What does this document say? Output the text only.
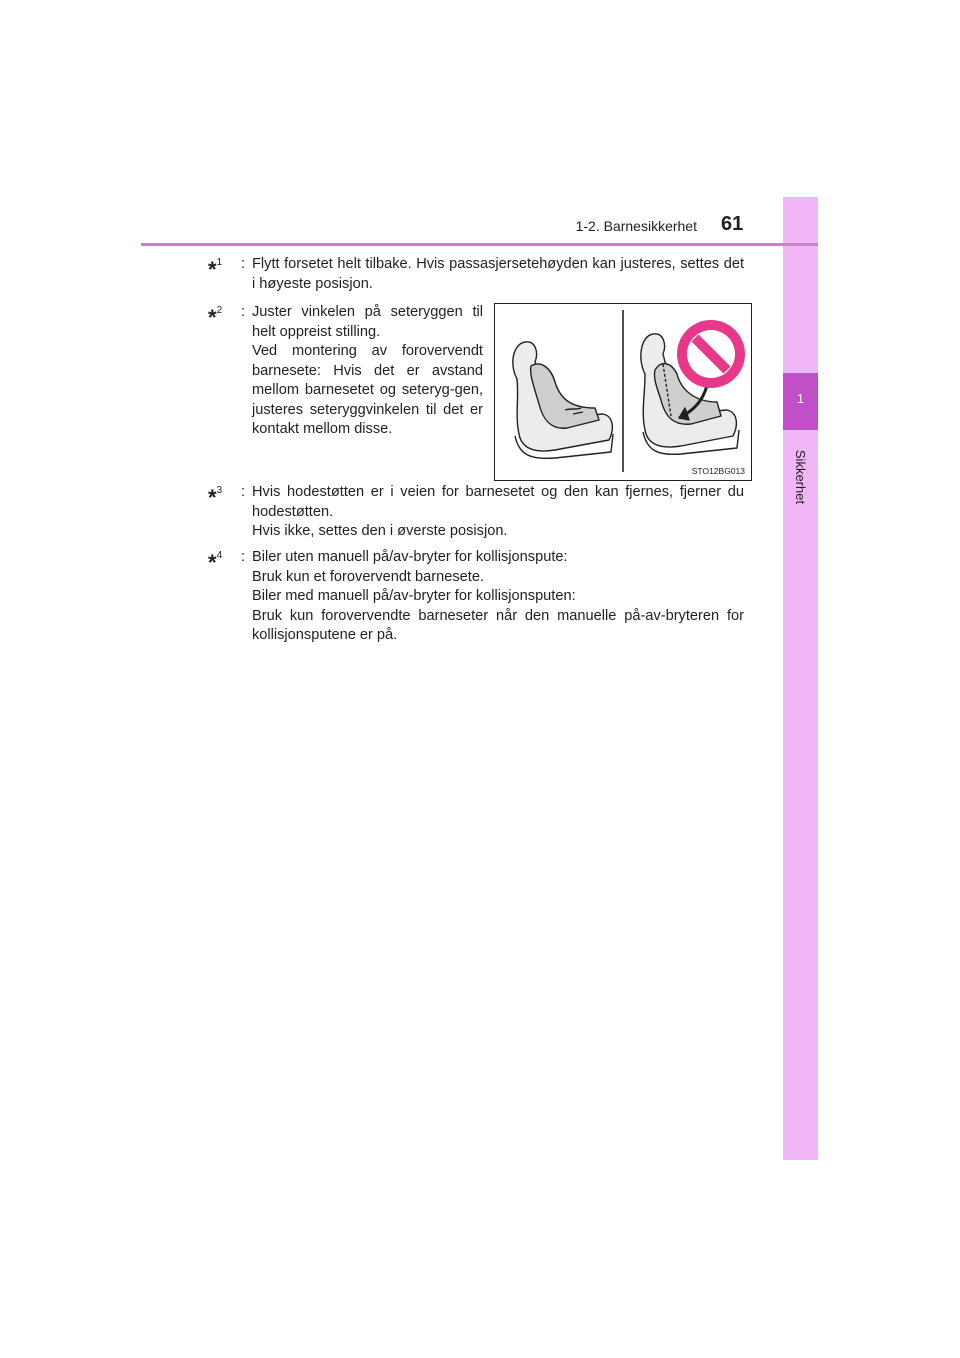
1
Sikkerhet
1-2. Barnesikkerhet 61
*$^1$ : Flytt forsetet helt tilbake. Hvis passasjersetehøyden kan justeres, settes det i høyeste posisjon.
*$^2$ : Juster vinkelen på seteryggen til helt oppreist stilling.
Ved montering av forovervendt barnesete: Hvis det er avstand mellom barnesetet og seteryg-gen, justeres seteryggvinkelen til det er kontakt mellom disse.
STO12BG013
*$^3$ : Hvis hodestøtten er i veien for barnesetet og den kan fjernes, fjerner du hodestøtten.
Hvis ikke, settes den i øverste posisjon.
*$^4$ : Biler uten manuell på/av-bryter for kollisjonspute:
Bruk kun et forovervendt barnesete.
Biler med manuell på/av-bryter for kollisjonsputen:
Bruk kun forovervendte barneseter når den manuelle på-av-bryteren for kollisjonsputene er på.
